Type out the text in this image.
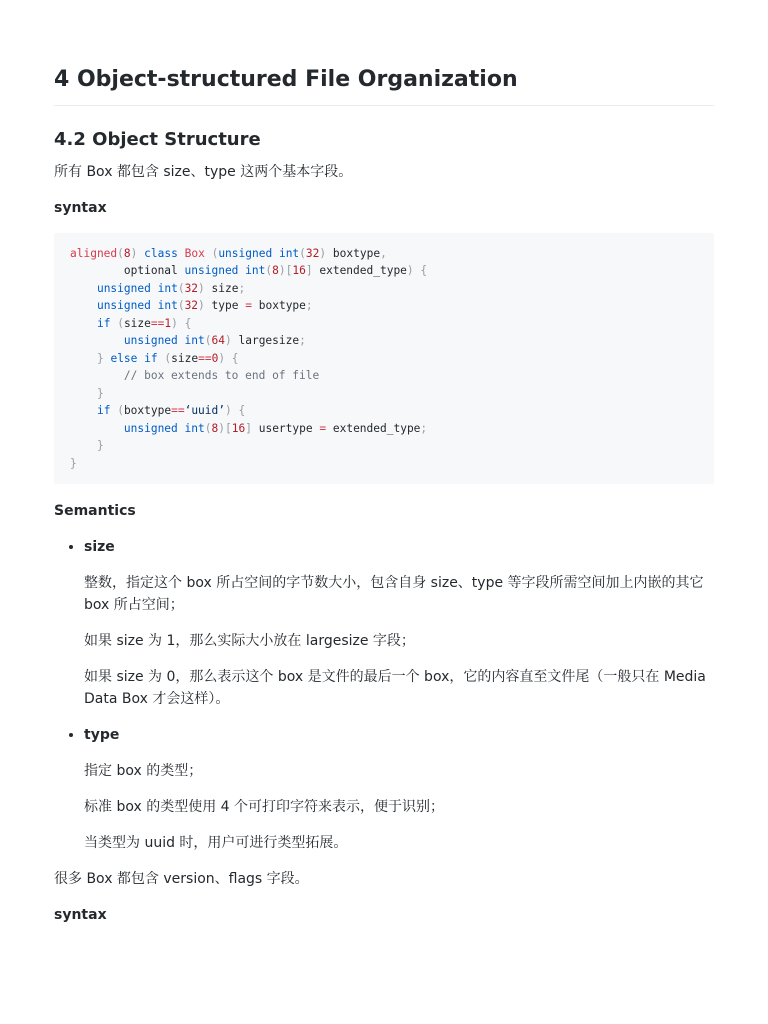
4 Object-structured File Organization
4.2 Object Structure

所有 Box 都包含 size、type 这两个基本字段。

syntax
aligned(8) class Box (unsigned int(32) boxtype,
optional unsigned int(8)[16] extended_type) {
unsigned int(32) size;
unsigned int(32) type = boxtype;
if (size==1) {
unsigned int(64) largesize;
} else if (size==0) {
// box extends to end of file
}
if (boxtype==‘uuid’) {
unsigned int(8)[16] usertype = extended_type;
}
}
Semantics
• size

整数，指定这个 box 所占空间的字节数大小，包含自身 size、type 等字段所需空间加上内嵌的其它 box 所占空间；

如果 size 为 1，那么实际大小放在 largesize 字段；

如果 size 为 0，那么表示这个 box 是文件的最后一个 box，它的内容直至文件尾（一般只在 Media Data Box 才会这样）。

• type

指定 box 的类型；

标准 box 的类型使用 4 个可打印字符来表示，便于识别；

当类型为 uuid 时，用户可进行类型拓展。

很多 Box 都包含 version、flags 字段。

syntax
